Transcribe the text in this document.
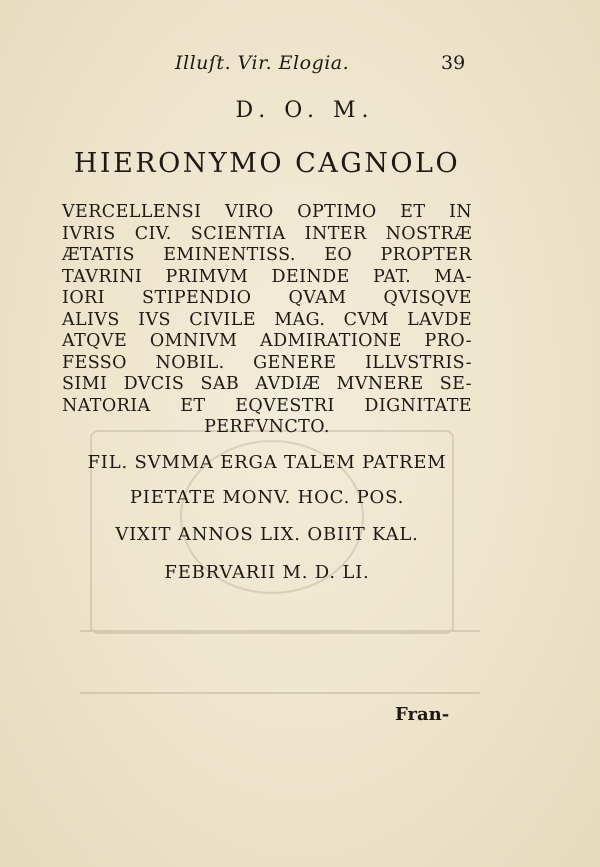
Illuſt. Vir. Elogia.	39
D. O. M.
HIERONYMO CAGNOLO
VERCELLENSI VIRO OPTIMO ET IN
IVRIS CIV. SCIENTIA INTER NOSTRÆ
ÆTATIS EMINENTISS. EO PROPTER
TAVRINI PRIMVM DEINDE PAT. MA-
IORI STIPENDIO QVAM QVISQVE
ALIVS IVS CIVILE MAG. CVM LAVDE
ATQVE OMNIVM ADMIRATIONE PRO-
FESSO NOBIL. GENERE ILLVSTRIS-
SIMI DVCIS SAB AVDIÆ MVNERE SE-
NATORIA ET EQVESTRI DIGNITATE
PERFVNCTO.
FIL. SVMMA ERGA TALEM PATREM
PIETATE MONV. HOC. POS.
VIXIT ANNOS LIX. OBIIT KAL.
FEBRVARII M. D. LI.
Fran-
